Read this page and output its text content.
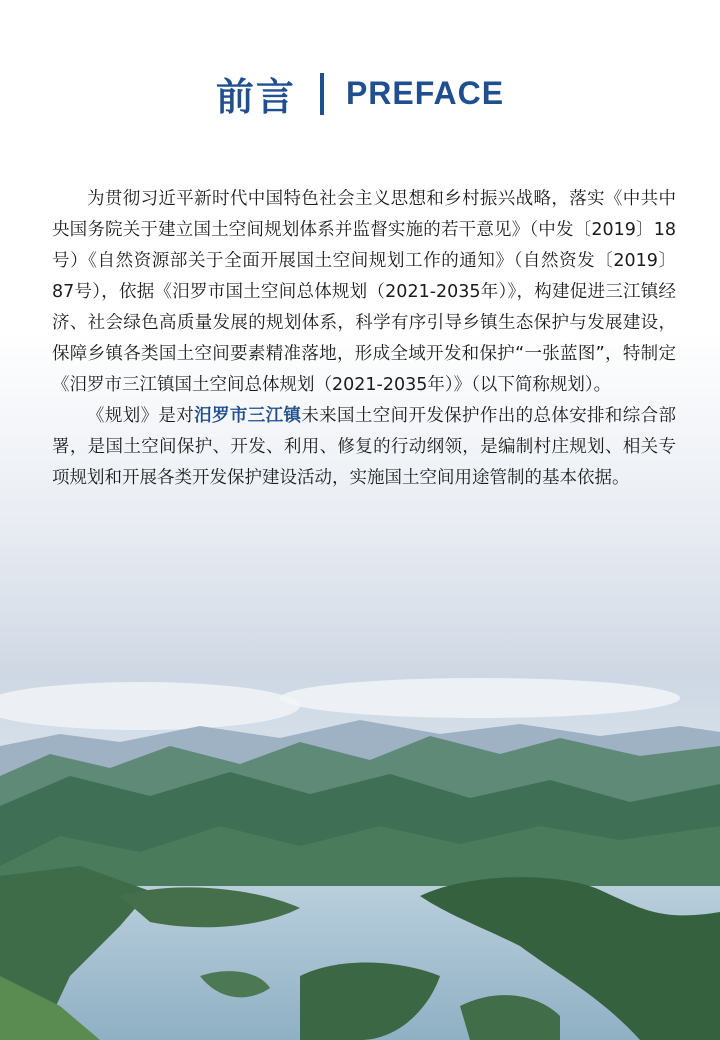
前言 PREFACE

为贯彻习近平新时代中国特色社会主义思想和乡村振兴战略，落实《中共中央国务院关于建立国土空间规划体系并监督实施的若干意见》（中发〔2019〕18号）《自然资源部关于全面开展国土空间规划工作的通知》（自然资发〔2019〕87号），依据《汨罗市国土空间总体规划（2021-2035年）》，构建促进三江镇经济、社会绿色高质量发展的规划体系，科学有序引导乡镇生态保护与发展建设，保障乡镇各类国土空间要素精准落地，形成全域开发和保护“一张蓝图”，特制定《汨罗市三江镇国土空间总体规划（2021-2035年）》（以下简称规划）。

《规划》是对汨罗市三江镇未来国土空间开发保护作出的总体安排和综合部署，是国土空间保护、开发、利用、修复的行动纲领，是编制村庄规划、相关专项规划和开展各类开发保护建设活动，实施国土空间用途管制的基本依据。
